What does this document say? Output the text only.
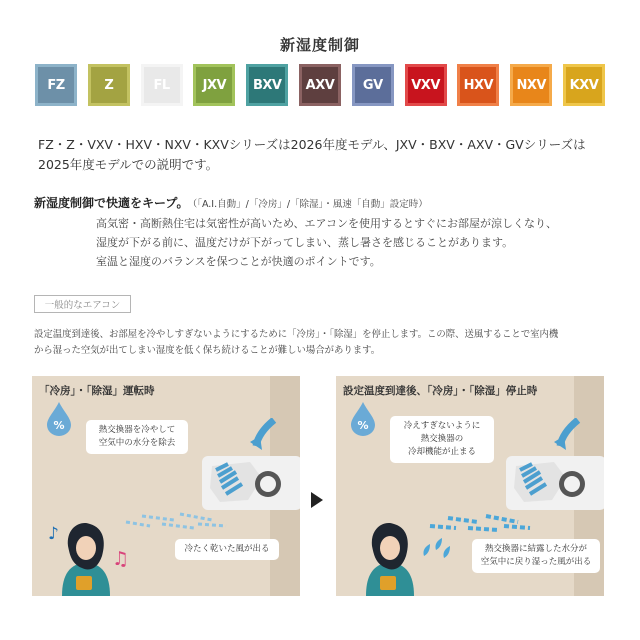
新湿度制御
FZ	Z	FL	JXV	BXV	AXV	GV	VXV	HXV	NXV	KXV
FZ・Z・VXV・HXV・NXV・KXVシリーズは2026年度モデル、JXV・BXV・AXV・GVシリーズは2025年度モデルでの説明です。
新湿度制御で快適をキープ。 （「A.I.自動」/「冷房」/「除湿」・風速「自動」設定時）
高気密・高断熱住宅は気密性が高いため、エアコンを使用するとすぐにお部屋が涼しくなり、
湿度が下がる前に、温度だけが下がってしまい、蒸し暑さを感じることがあります。
室温と湿度のバランスを保つことが快適のポイントです。
一般的なエアコン
設定温度到達後、お部屋を冷やしすぎないようにするために「冷房」・「除湿」を停止します。この際、送風することで室内機
から湿った空気が出てしまい湿度を低く保ち続けることが難しい場合があります。
「冷房」・「除湿」運転時
%	熱交換器を冷やして
空気中の水分を除去
♪
♫	冷たく乾いた風が出る
設定温度到達後、「冷房」・「除湿」停止時
%	冷えすぎないように
熱交換器の
冷却機能が止まる
熱交換器に結露した水分が
空気中に戻り湿った風が出る
